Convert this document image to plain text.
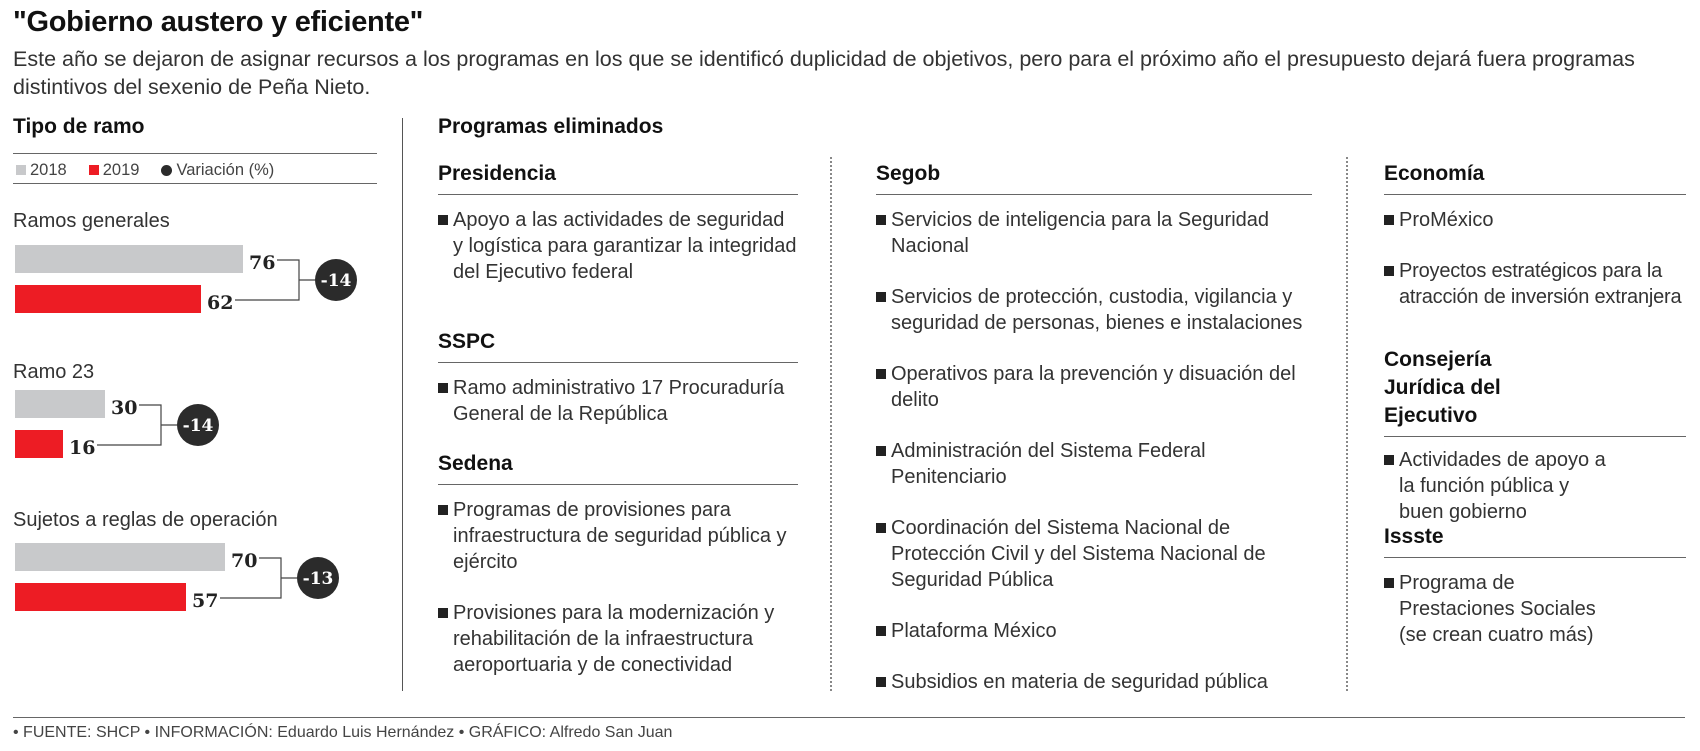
"Gobierno austero y eficiente"
Este año se dejaron de asignar recursos a los programas en los que se identificó duplicidad de objetivos, pero para el próximo año el presupuesto dejará fuera programas distintivos del sexenio de Peña Nieto.
Tipo de ramo
2018 2019 Variación (%)
Ramos generales
Ramo 23
Sujetos a reglas de operación
76
62
-14
30
16
-14
70
57
-13
Programas eliminados
Presidencia
Apoyo a las actividades de seguridad y logística para garantizar la integridad del Ejecutivo federal
SSPC
Ramo administrativo 17 Procuraduría General de la República
Sedena
Programas de provisiones para infraestructura de seguridad pública y ejército
Provisiones para la modernización y rehabilitación de la infraestructura aeroportuaria y de conectividad
Segob
Servicios de inteligencia para la Seguridad Nacional
Servicios de protección, custodia, vigilancia y seguridad de personas, bienes e instalaciones
Operativos para la prevención y disuación del delito
Administración del Sistema Federal Penitenciario
Coordinación del Sistema Nacional de Protección Civil y del Sistema Nacional de Seguridad Pública
Plataforma México
Subsidios en materia de seguridad pública
Economía
ProMéxico
Proyectos estratégicos para la atracción de inversión extranjera
Consejería Jurídica del Ejecutivo
Actividades de apoyo a la función pública y buen gobierno
Issste
Programa de Prestaciones Sociales (se crean cuatro más)
• FUENTE: SHCP • INFORMACIÓN: Eduardo Luis Hernández • GRÁFICO: Alfredo San Juan
